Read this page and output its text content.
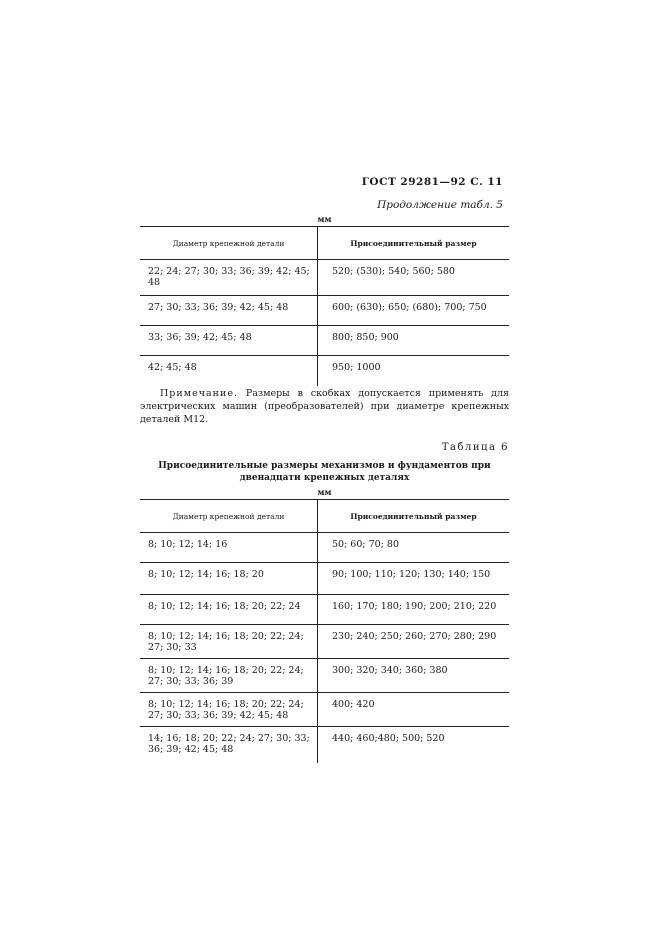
ГОСТ 29281—92 С. 11
Продолжение табл. 5
мм
Диаметр крепежной детали	Присоединительный размер
22; 24; 27; 30; 33; 36; 39; 42; 45; 48	520; (530); 540; 560; 580
27; 30; 33; 36; 39; 42; 45; 48	600; (630); 650; (680); 700; 750
33; 36; 39; 42; 45; 48	800; 850; 900
42; 45; 48	950; 1000
Примечание. Размеры в скобках допускается применять для электрических машин (преобразователей) при диаметре крепежных деталей М12.
Таблица 6
Присоединительные размеры механизмов и фундаментов при двенадцати крепежных деталях
мм
Диаметр крепежной детали	Присоединительный размер
8; 10; 12; 14; 16	50; 60; 70; 80
8; 10; 12; 14; 16; 18; 20	90; 100; 110; 120; 130; 140; 150
8; 10; 12; 14; 16; 18; 20; 22; 24	160; 170; 180; 190; 200; 210; 220
8; 10; 12; 14; 16; 18; 20; 22; 24; 27; 30; 33	230; 240; 250; 260; 270; 280; 290
8; 10; 12; 14; 16; 18; 20; 22; 24; 27; 30; 33; 36; 39	300; 320; 340; 360; 380
8; 10; 12; 14; 16; 18; 20; 22; 24; 27; 30; 33; 36; 39; 42; 45; 48	400; 420
14; 16; 18; 20; 22; 24; 27; 30; 33; 36; 39; 42; 45; 48	440; 460;480; 500; 520
